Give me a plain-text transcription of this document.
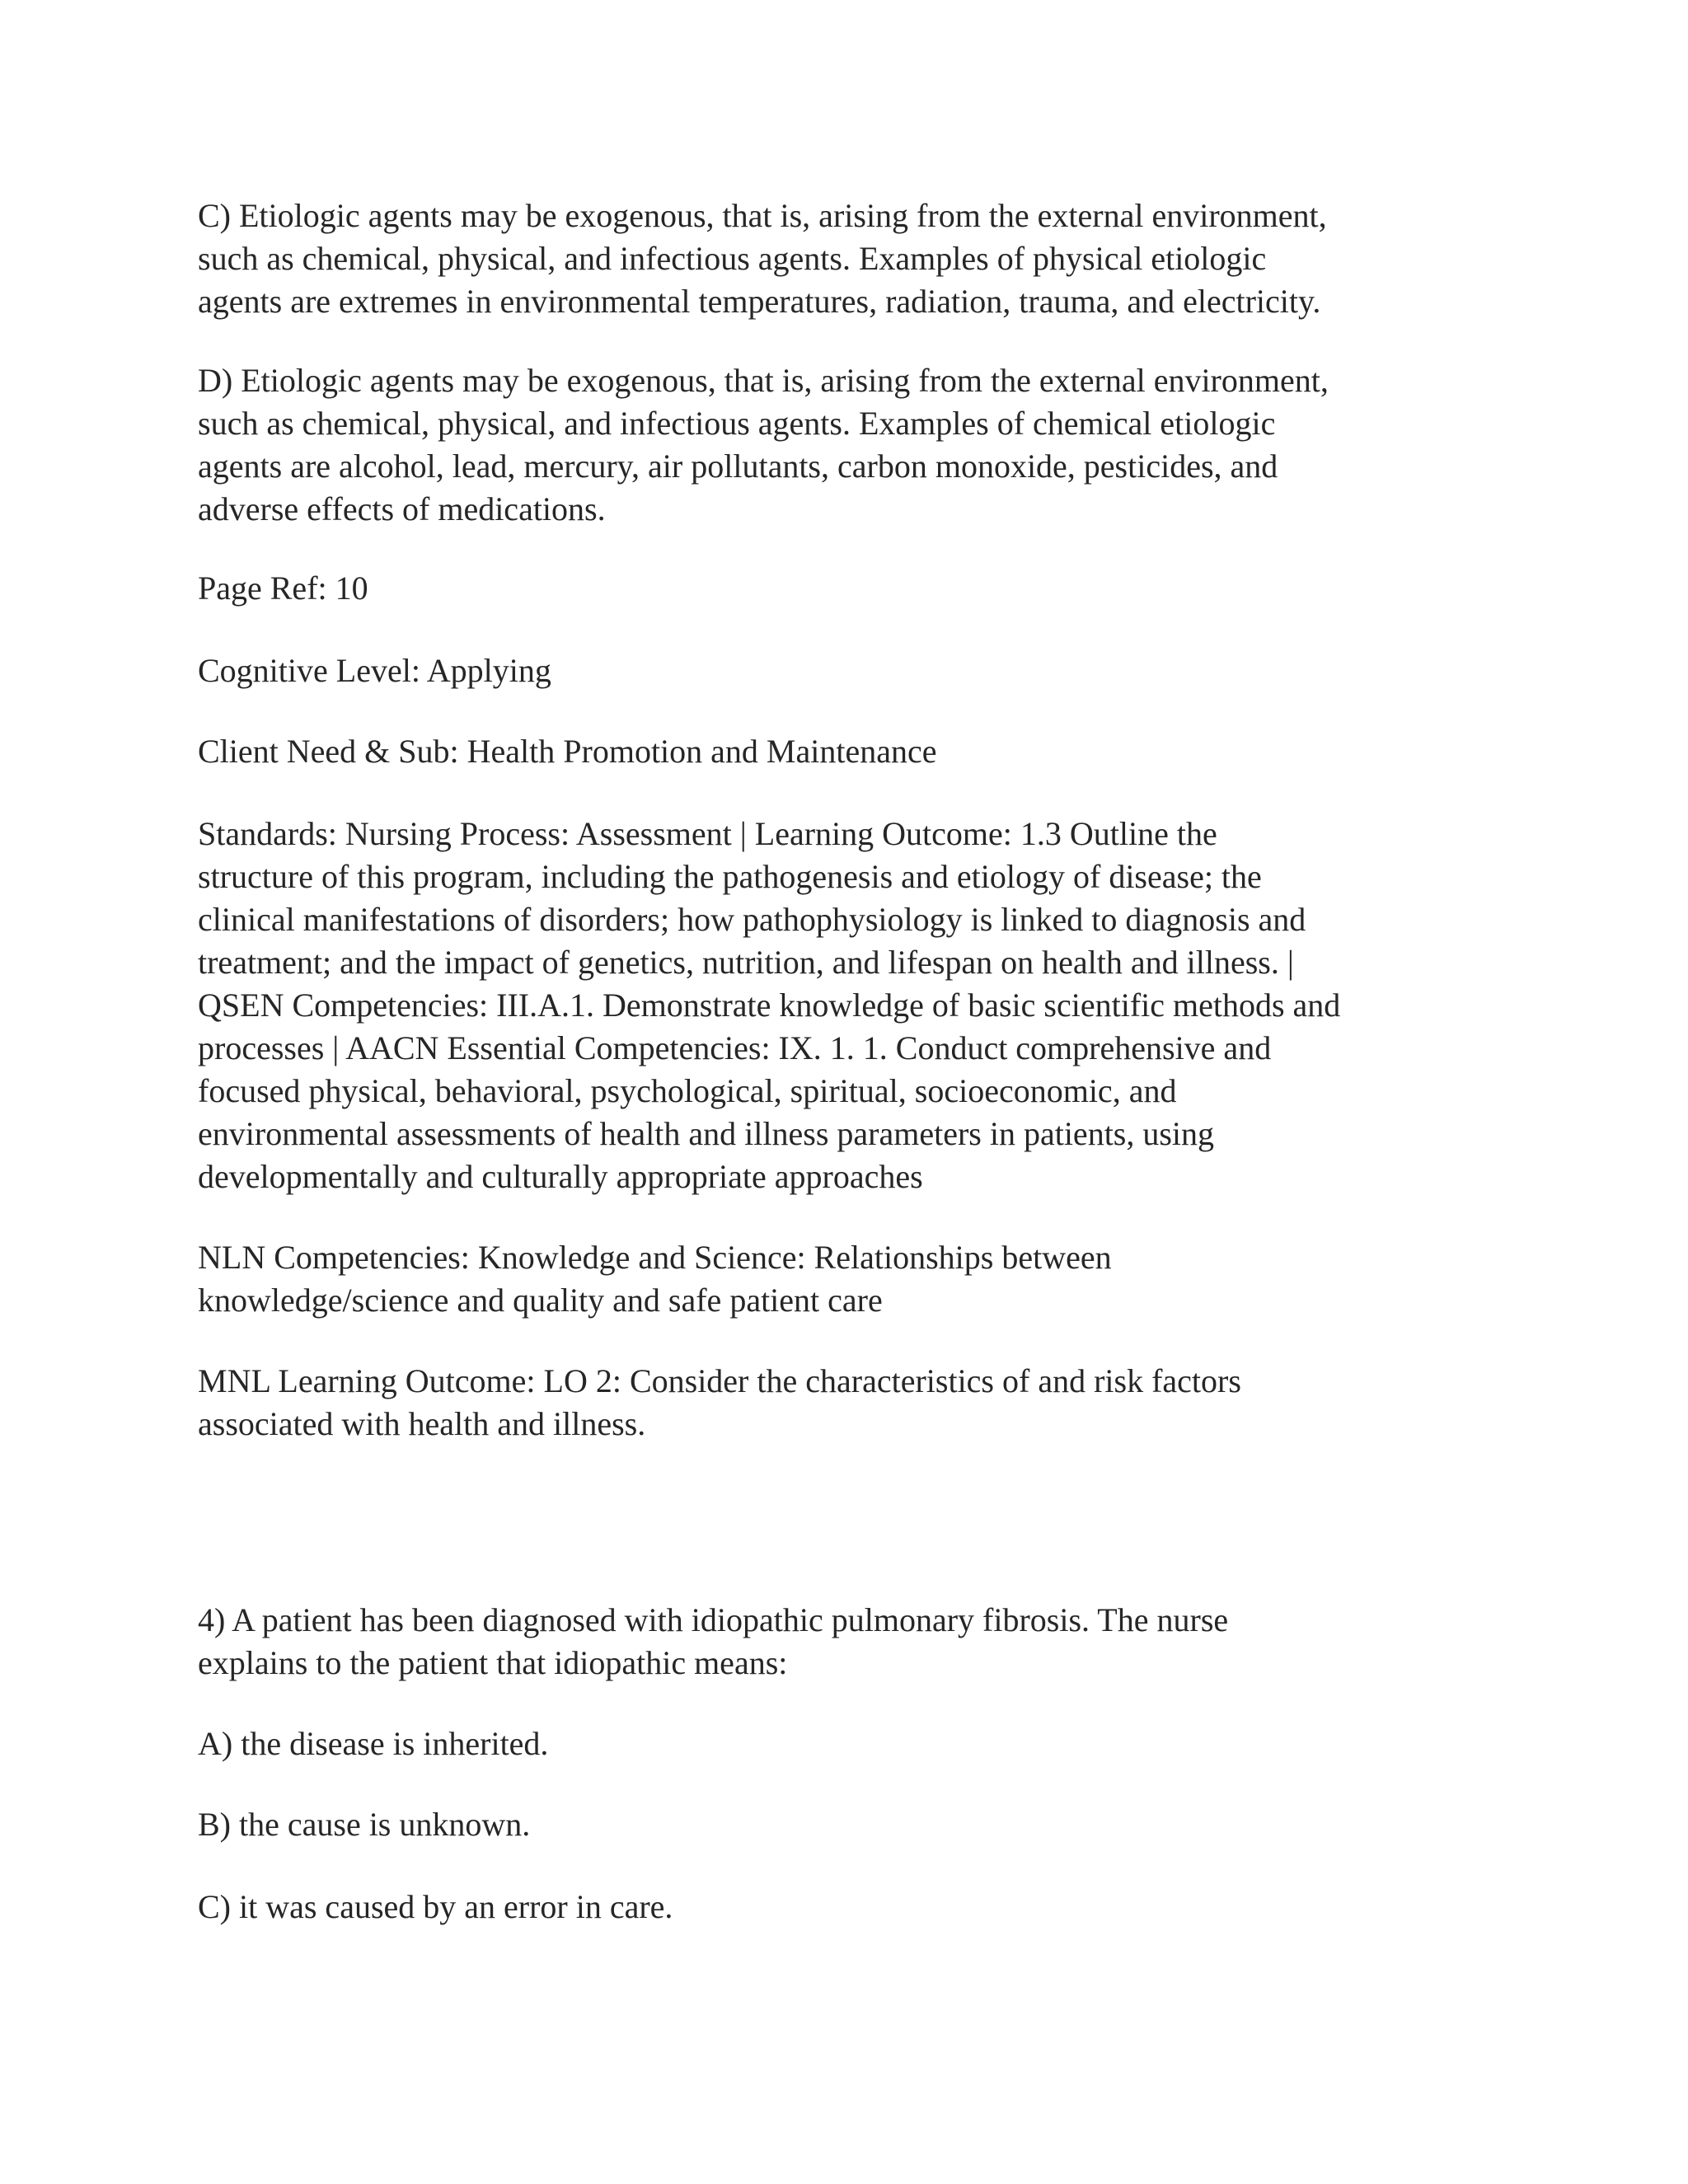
C) Etiologic agents may be exogenous, that is, arising from the external environment,
such as chemical, physical, and infectious agents. Examples of physical etiologic
agents are extremes in environmental temperatures, radiation, trauma, and electricity.

D) Etiologic agents may be exogenous, that is, arising from the external environment,
such as chemical, physical, and infectious agents. Examples of chemical etiologic
agents are alcohol, lead, mercury, air pollutants, carbon monoxide, pesticides, and
adverse effects of medications.

Page Ref: 10

Cognitive Level: Applying

Client Need & Sub: Health Promotion and Maintenance

Standards: Nursing Process: Assessment | Learning Outcome: 1.3 Outline the
structure of this program, including the pathogenesis and etiology of disease; the
clinical manifestations of disorders; how pathophysiology is linked to diagnosis and
treatment; and the impact of genetics, nutrition, and lifespan on health and illness. |
QSEN Competencies: III.A.1. Demonstrate knowledge of basic scientific methods and
processes | AACN Essential Competencies: IX. 1. 1. Conduct comprehensive and
focused physical, behavioral, psychological, spiritual, socioeconomic, and
environmental assessments of health and illness parameters in patients, using
developmentally and culturally appropriate approaches

NLN Competencies: Knowledge and Science: Relationships between
knowledge/science and quality and safe patient care

MNL Learning Outcome: LO 2: Consider the characteristics of and risk factors
associated with health and illness.

4) A patient has been diagnosed with idiopathic pulmonary fibrosis. The nurse
explains to the patient that idiopathic means:

A) the disease is inherited.

B) the cause is unknown.

C) it was caused by an error in care.
